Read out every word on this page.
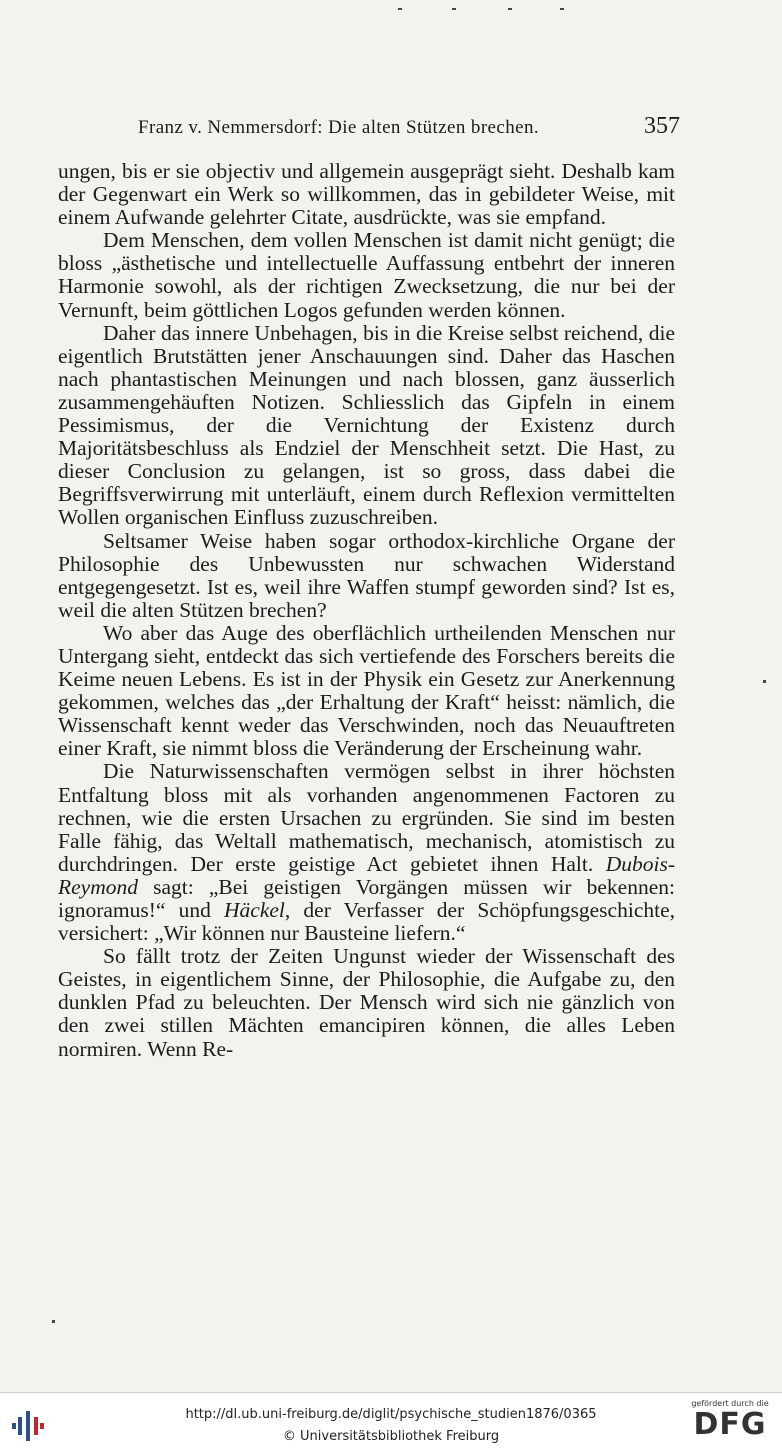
Franz v. Nemmersdorf: Die alten Stützen brechen.	357

ungen, bis er sie objectiv und allgemein ausgeprägt sieht. Deshalb kam der Gegenwart ein Werk so willkommen, das in gebildeter Weise, mit einem Aufwande gelehrter Citate, ausdrückte, was sie empfand.

Dem Menschen, dem vollen Menschen ist damit nicht genügt; die bloss „ästhetische und intellectuelle Auffassung entbehrt der inneren Harmonie sowohl, als der richtigen Zwecksetzung, die nur bei der Vernunft, beim göttlichen Logos gefunden werden können.

Daher das innere Unbehagen, bis in die Kreise selbst reichend, die eigentlich Brutstätten jener Anschauungen sind. Daher das Haschen nach phantastischen Meinungen und nach blossen, ganz äusserlich zusammengehäuften Notizen. Schliesslich das Gipfeln in einem Pessimismus, der die Vernichtung der Existenz durch Majoritätsbeschluss als Endziel der Menschheit setzt. Die Hast, zu dieser Conclusion zu gelangen, ist so gross, dass dabei die Begriffsverwirrung mit unterläuft, einem durch Reflexion vermittelten Wollen organischen Einfluss zuzuschreiben.

Seltsamer Weise haben sogar orthodox-kirchliche Organe der Philosophie des Unbewussten nur schwachen Widerstand entgegengesetzt. Ist es, weil ihre Waffen stumpf geworden sind? Ist es, weil die alten Stützen brechen?

Wo aber das Auge des oberflächlich urtheilenden Menschen nur Untergang sieht, entdeckt das sich vertiefende des Forschers bereits die Keime neuen Lebens. Es ist in der Physik ein Gesetz zur Anerkennung gekommen, welches das „der Erhaltung der Kraft“ heisst: nämlich, die Wissenschaft kennt weder das Verschwinden, noch das Neuauftreten einer Kraft, sie nimmt bloss die Veränderung der Erscheinung wahr.

Die Naturwissenschaften vermögen selbst in ihrer höchsten Entfaltung bloss mit als vorhanden angenommenen Factoren zu rechnen, wie die ersten Ursachen zu ergründen. Sie sind im besten Falle fähig, das Weltall mathematisch, mechanisch, atomistisch zu durchdringen. Der erste geistige Act gebietet ihnen Halt. Dubois-Reymond sagt: „Bei geistigen Vorgängen müssen wir bekennen: ignoramus!“ und Häckel, der Verfasser der Schöpfungsgeschichte, versichert: „Wir können nur Bausteine liefern.“

So fällt trotz der Zeiten Ungunst wieder der Wissenschaft des Geistes, in eigentlichem Sinne, der Philosophie, die Aufgabe zu, den dunklen Pfad zu beleuchten. Der Mensch wird sich nie gänzlich von den zwei stillen Mächten emancipiren können, die alles Leben normiren. Wenn Re-

http://dl.ub.uni-freiburg.de/diglit/psychische_studien1876/0365
© Universitätsbibliothek Freiburg
gefördert durch die
DFG
